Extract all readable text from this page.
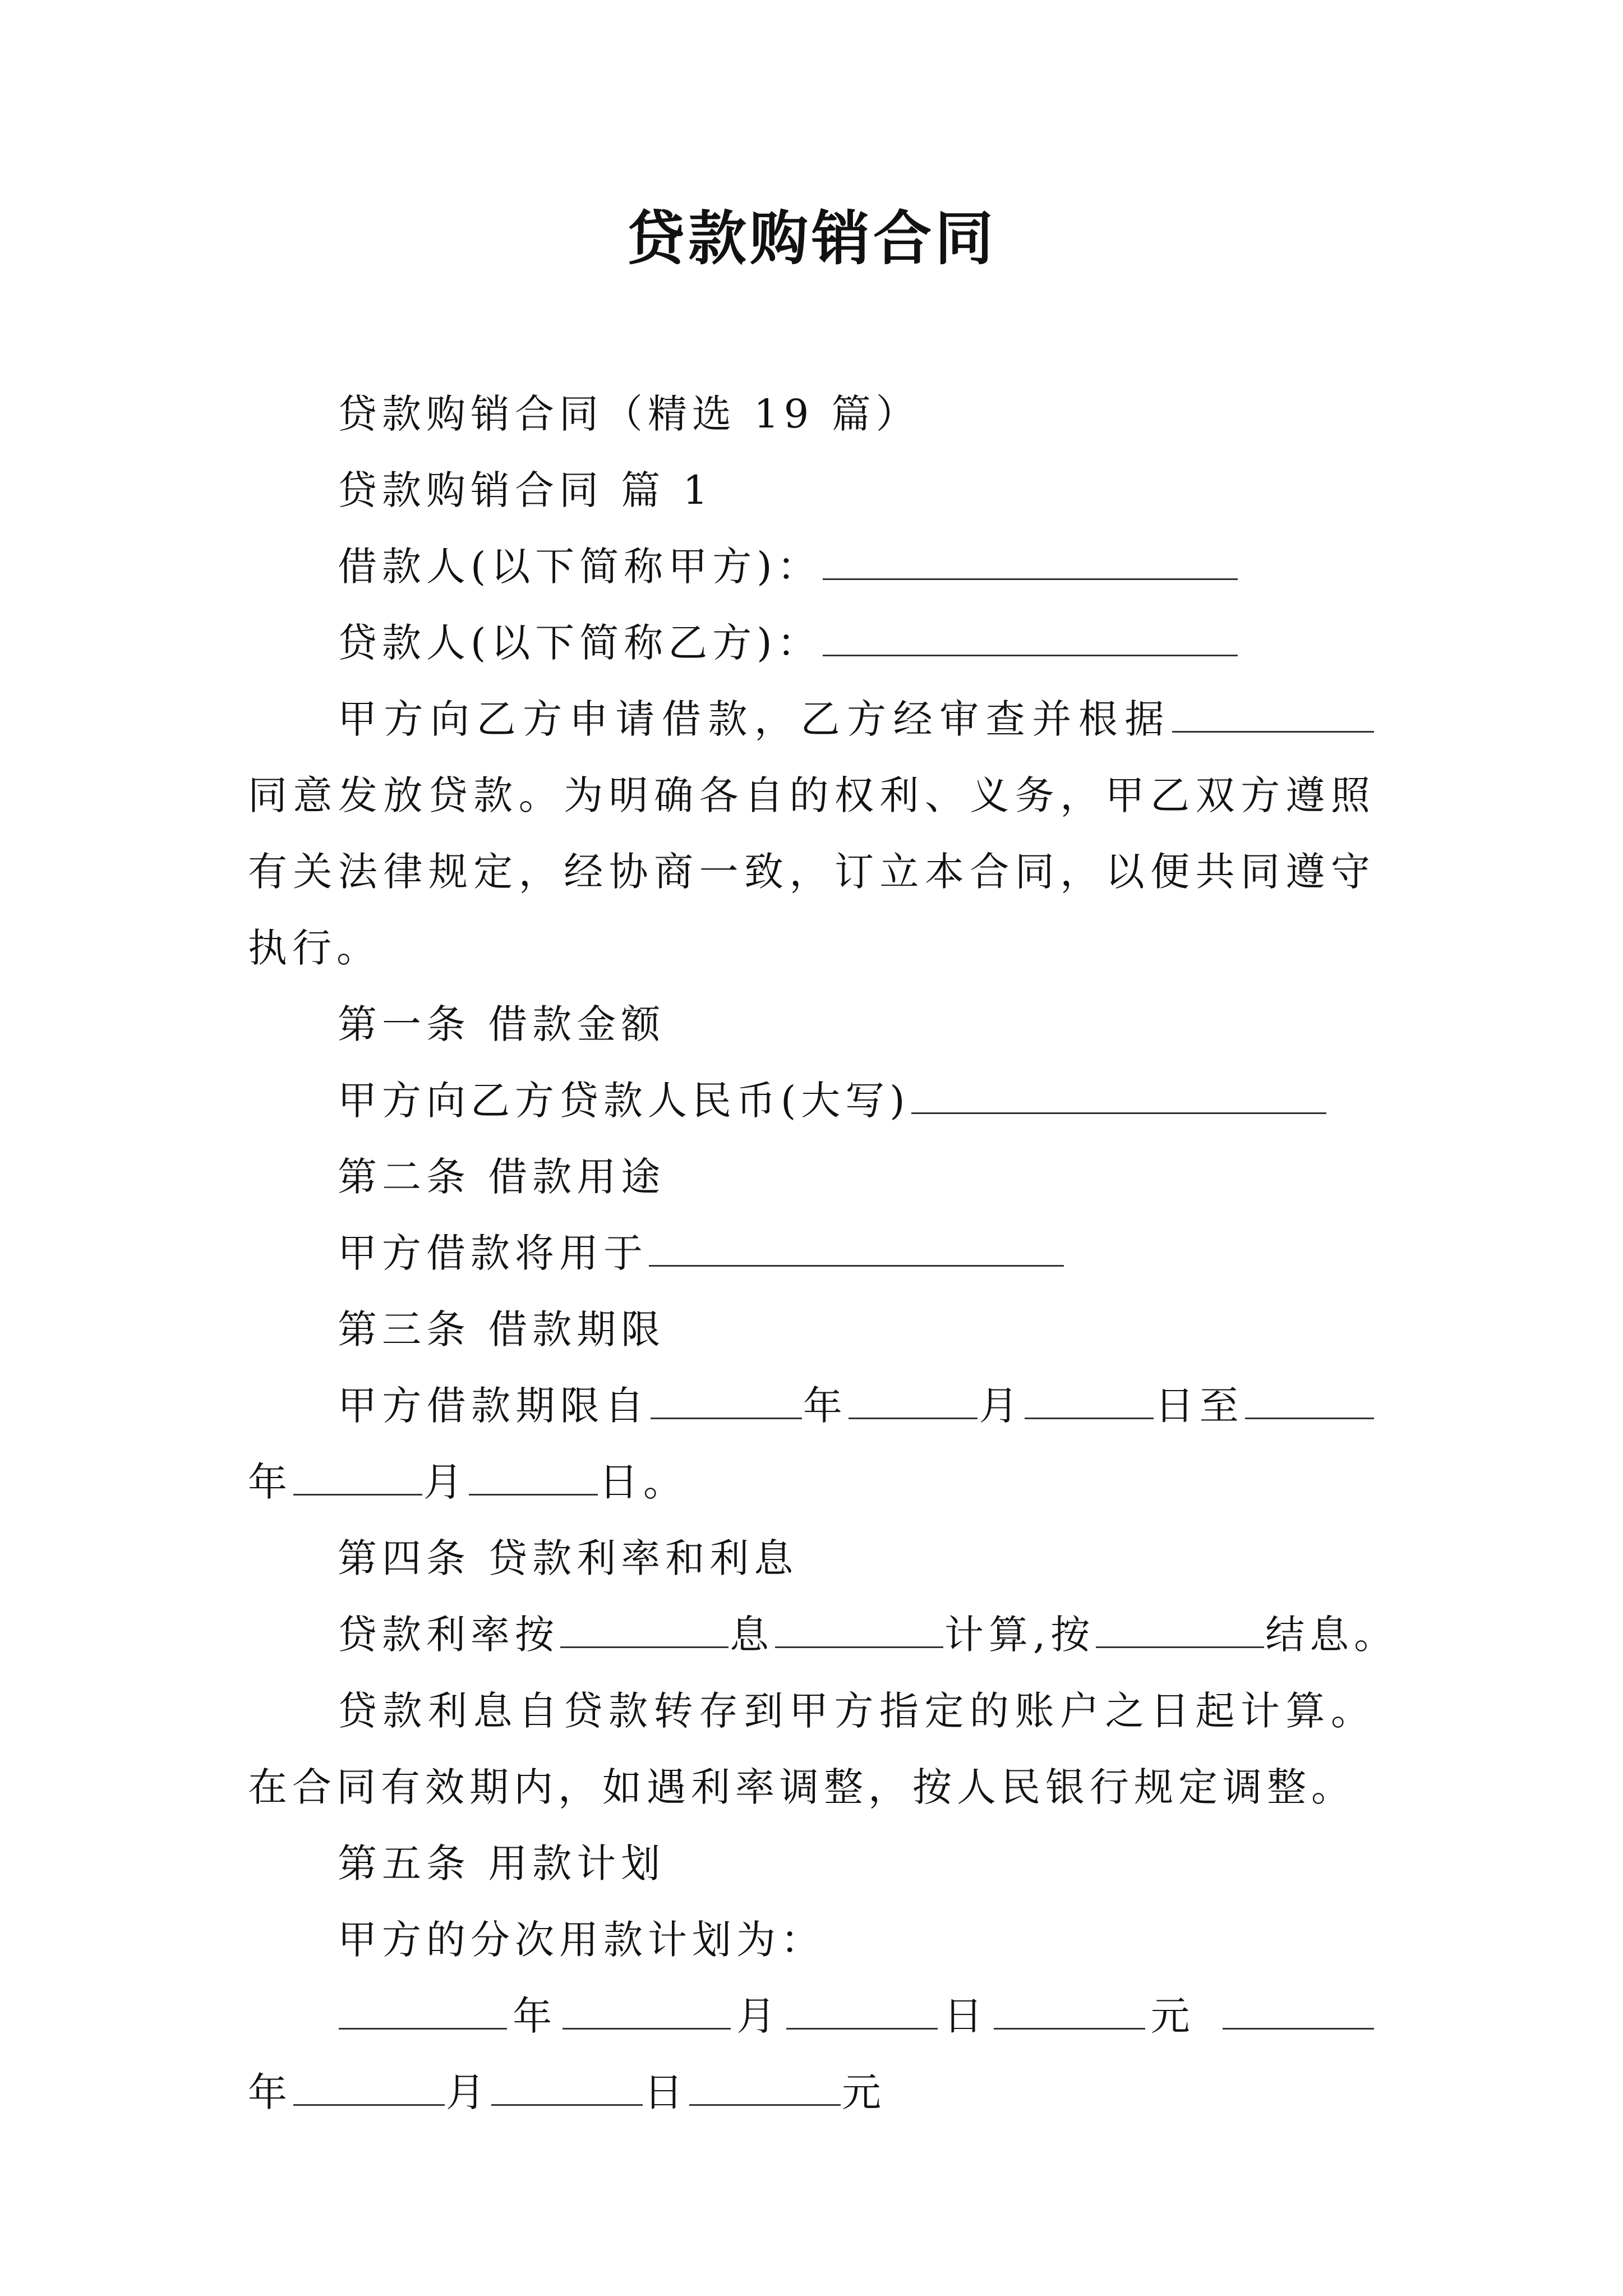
贷款购销合同

贷款购销合同（精选 19 篇）

贷款购销合同 篇 1

借款人(以下简称甲方)：

贷款人(以下简称乙方)：

甲方向乙方申请借款，乙方经审查并根据同意发放贷款。为明确各自的权利、义务，甲乙双方遵照有关法律规定，经协商一致，订立本合同，以便共同遵守执行。

第一条 借款金额

甲方向乙方贷款人民币(大写)

第二条 借款用途

甲方借款将用于

第三条 借款期限

甲方借款期限自	年	月	日至年	月	日。

第四条 贷款利率和利息

贷款利率按	息	计算,按	结息。

贷款利息自贷款转存到甲方指定的账户之日起计算。在合同有效期内，如遇利率调整，按人民银行规定调整。

第五条 用款计划

甲方的分次用款计划为：

年	月	日	元 年	月	日	元
